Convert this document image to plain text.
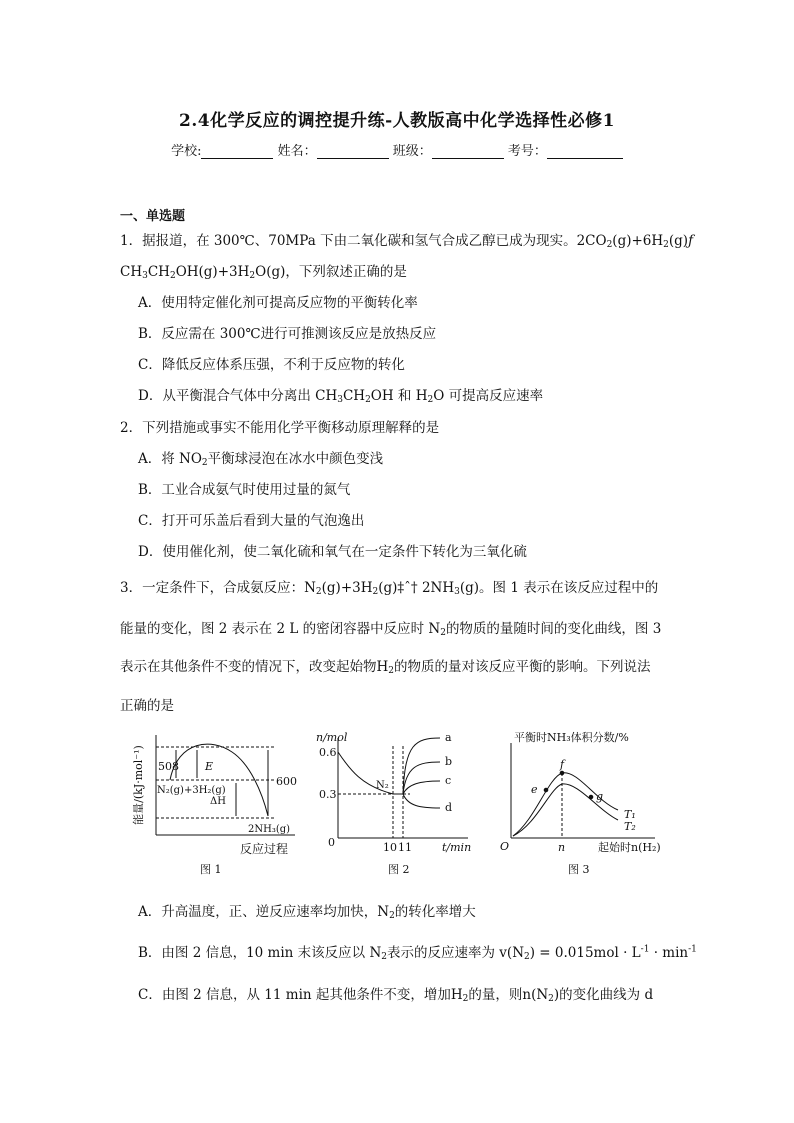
2.4化学反应的调控提升练-人教版高中化学选择性必修1
学校:	姓名：	班级：	考号：
一、单选题
1．据报道，在 300℃、70MPa 下由二氧化碳和氢气合成乙醇已成为现实。$2CO_2(g)+6H_2(g)ƒ$
$CH_3CH_2OH(g)+3H_2O(g)$，下列叙述正确的是
A．使用特定催化剂可提高反应物的平衡转化率
B．反应需在 300℃进行可推测该反应是放热反应
C．降低反应体系压强，不利于反应物的转化
D．从平衡混合气体中分离出 $CH_3CH_2OH$ 和 $H_2O$ 可提高反应速率
2．下列措施或事实不能用化学平衡移动原理解释的是
A．将 $NO_2$平衡球浸泡在冰水中颜色变浅
B．工业合成氨气时使用过量的氮气
C．打开可乐盖后看到大量的气泡逸出
D．使用催化剂，使二氧化硫和氧气在一定条件下转化为三氧化硫
3．一定条件下，合成氨反应：$N_2(g)+3H_2(g)\ddagger ˆ\dagger$ $2NH_3(g)$。图 1 表示在该反应过程中的
能量的变化，图 2 表示在 2 L 的密闭容器中反应时 $N_2$的物质的量随时间的变化曲线，图 3
表示在其他条件不变的情况下，改变起始物$H_2$的物质的量对该反应平衡的影响。下列说法
正确的是
能量/(kJ·mol⁻¹) 508 E
600
N₂(g)+3H₂(g)
ΔH
2NH₃(g)
反应过程
图 1
n/mol
0.6
0.3
0
N₂
a
b
c
d
10 11	t/min
图 2
平衡时NH₃体积分数/%
O	n	起始时n(H₂)
e
f
g
T₁
T₂
图 3
A．升高温度，正、逆反应速率均加快，$N_2$的转化率增大
B．由图 2 信息，10 min 末该反应以 $N_2$表示的反应速率为 $v(N_2) = 0.015mol \cdot L^{-1} \cdot \min^{-1}$
C．由图 2 信息，从 11 min 起其他条件不变，增加$H_2$的量，则$n(N_2)$的变化曲线为 d
